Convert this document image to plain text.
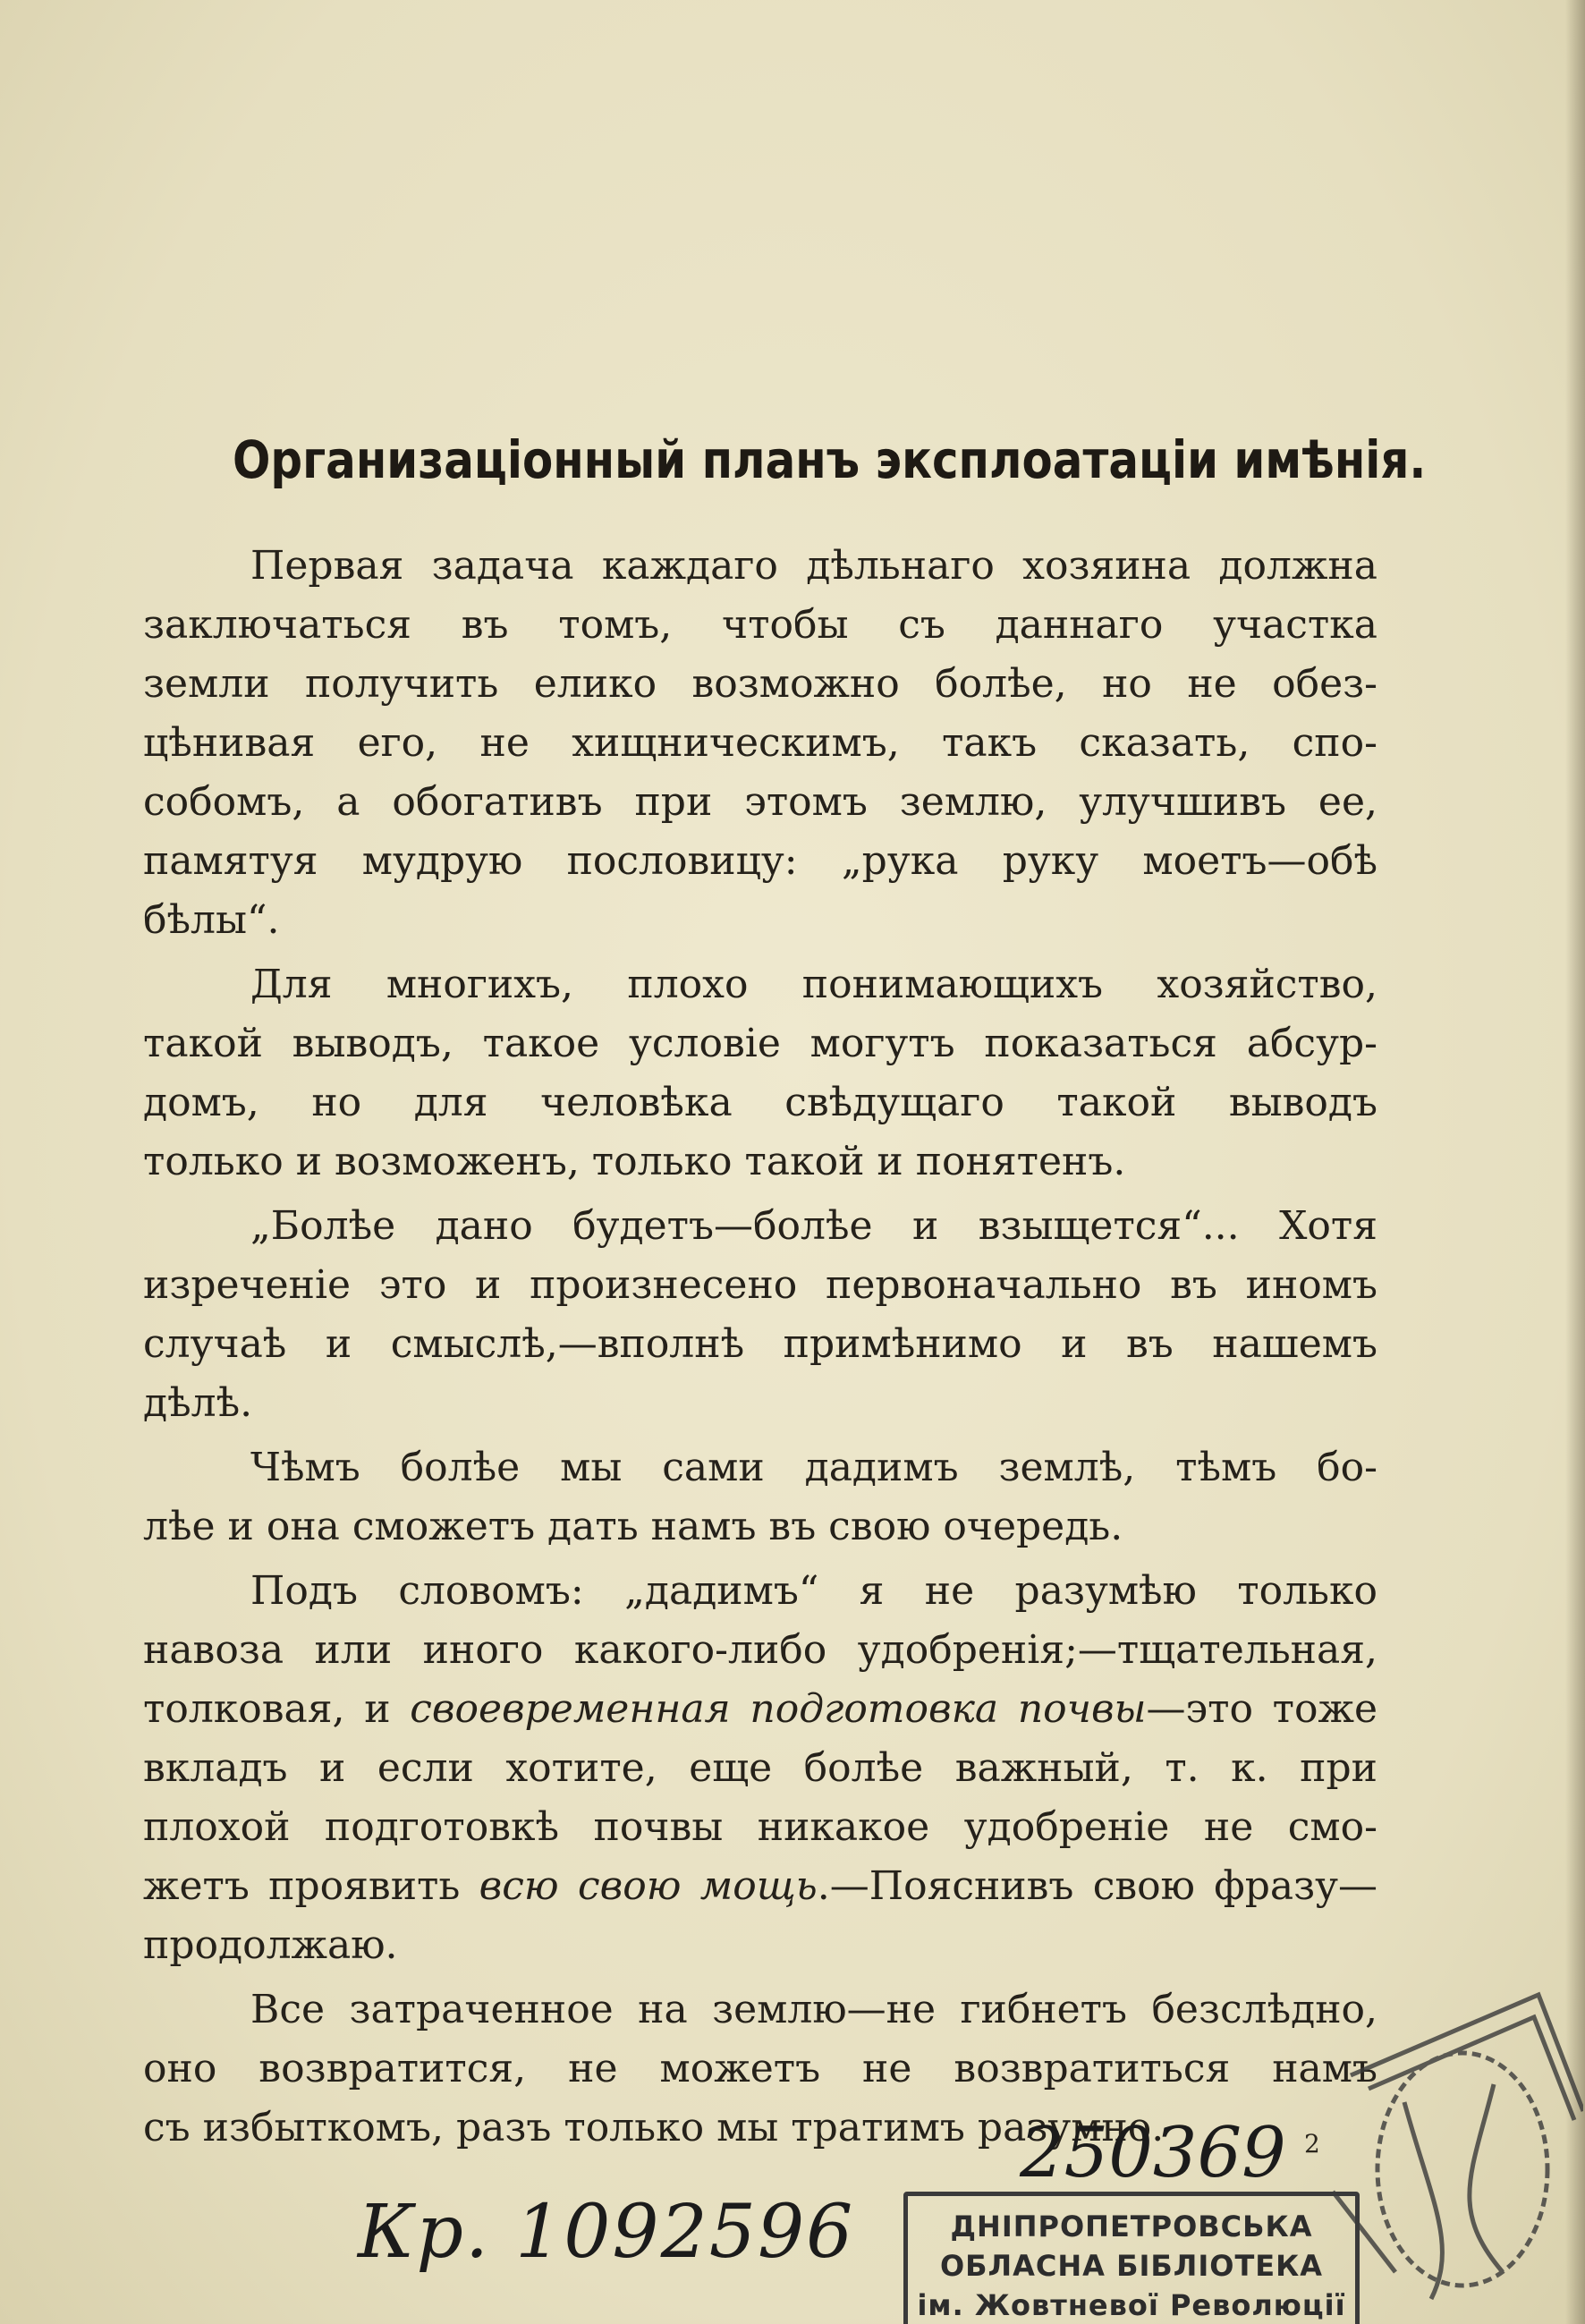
Организаціонный планъ эксплоатаціи имѣнія.
Первая задача каждаго дѣльнаго хозяина должна
заключаться въ томъ, чтобы съ даннаго участка
земли получить елико возможно болѣе, но не обез-
цѣнивая его, не хищническимъ, такъ сказать, спо-
собомъ, а обогативъ при этомъ землю, улучшивъ ее,
памятуя мудрую пословицу: „рука руку моетъ—обѣ
бѣлы“.
Для многихъ, плохо понимающихъ хозяйство,
такой выводъ, такое условіе могутъ показаться абсур-
домъ, но для человѣка свѣдущаго такой выводъ
только и возможенъ, только такой и понятенъ.
„Болѣе дано будетъ—болѣе и взыщется“... Хотя
изреченіе это и произнесено первоначально въ иномъ
случаѣ и смыслѣ,—вполнѣ примѣнимо и въ нашемъ
дѣлѣ.
Чѣмъ болѣе мы сами дадимъ землѣ, тѣмъ бо-
лѣе и она сможетъ дать намъ въ свою очередь.
Подъ словомъ: „дадимъ“ я не разумѣю только
навоза или иного какого-либо удобренія;—тщательная,
толковая, и своевременная подготовка почвы—это тоже
вкладъ и если хотите, еще болѣе важный, т. к. при
плохой подготовкѣ почвы никакое удобреніе не смо-
жетъ проявить всю свою мощь.—Пояснивъ свою фразу—
продолжаю.
Все затраченное на землю—не гибнетъ безслѣдно,
оно возвратится, не можетъ не возвратиться намъ
съ избыткомъ, разъ только мы тратимъ разумно.	2
250369
Кр. 1092596	ДНІПРОПЕТРОВСЬКА
ОБЛАСНА БІБЛІОТЕКА
ім. Жовтневої Революції
